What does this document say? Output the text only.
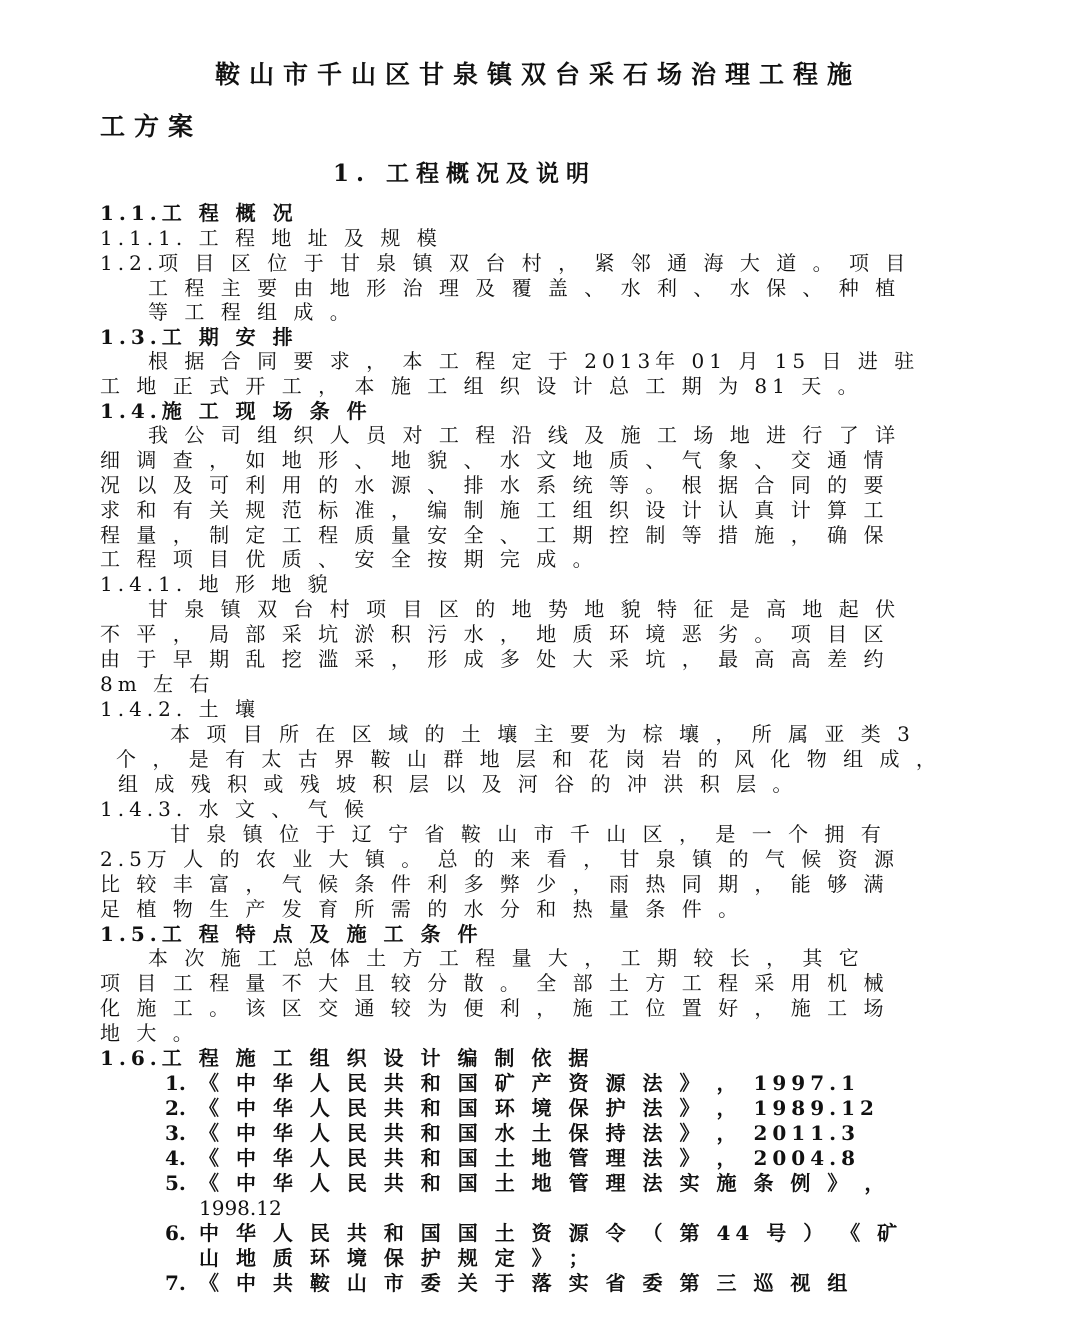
鞍山市千山区甘泉镇双台采石场治理工程施
工方案
1. 工程概况及说明
1.1.工 程 概 况
1.1.1. 工 程 地 址 及 规 模
1.2.项 目 区 位 于 甘 泉 镇 双 台 村 ， 紧 邻 通 海 大 道 。 项 目
工 程 主 要 由 地 形 治 理 及 覆 盖 、 水 利 、 水 保 、 种 植
等 工 程 组 成 。
1.3.工 期 安 排
根 据 合 同 要 求 ， 本 工 程 定 于 2013年 01 月 15 日 进 驻
工 地 正 式 开 工 ， 本 施 工 组 织 设 计 总 工 期 为 81 天 。
1.4.施 工 现 场 条 件
我 公 司 组 织 人 员 对 工 程 沿 线 及 施 工 场 地 进 行 了 详
细 调 查 ， 如 地 形 、 地 貌 、 水 文 地 质 、 气 象 、 交 通 情
况 以 及 可 利 用 的 水 源 、 排 水 系 统 等 。 根 据 合 同 的 要
求 和 有 关 规 范 标 准 ， 编 制 施 工 组 织 设 计 认 真 计 算 工
程 量 ， 制 定 工 程 质 量 安 全 、 工 期 控 制 等 措 施 ， 确 保
工 程 项 目 优 质 、 安 全 按 期 完 成 。
1.4.1. 地 形 地 貌
甘 泉 镇 双 台 村 项 目 区 的 地 势 地 貌 特 征 是 高 地 起 伏
不 平 ， 局 部 采 坑 淤 积 污 水 ， 地 质 环 境 恶 劣 。 项 目 区
由 于 早 期 乱 挖 滥 采 ， 形 成 多 处 大 采 坑 ， 最 高 高 差 约
8m 左 右
1.4.2. 土 壤
本 项 目 所 在 区 域 的 土 壤 主 要 为 棕 壤 ， 所 属 亚 类 3
个 ， 是 有 太 古 界 鞍 山 群 地 层 和 花 岗 岩 的 风 化 物 组 成 ，
组 成 残 积 或 残 坡 积 层 以 及 河 谷 的 冲 洪 积 层 。
1.4.3. 水 文 、 气 候
甘 泉 镇 位 于 辽 宁 省 鞍 山 市 千 山 区 ， 是 一 个 拥 有
2.5万 人 的 农 业 大 镇 。 总 的 来 看 ， 甘 泉 镇 的 气 候 资 源
比 较 丰 富 ， 气 候 条 件 利 多 弊 少 ， 雨 热 同 期 ， 能 够 满
足 植 物 生 产 发 育 所 需 的 水 分 和 热 量 条 件 。
1.5.工 程 特 点 及 施 工 条 件
本 次 施 工 总 体 土 方 工 程 量 大 ， 工 期 较 长 ， 其 它
项 目 工 程 量 不 大 且 较 分 散 。 全 部 土 方 工 程 采 用 机 械
化 施 工 。 该 区 交 通 较 为 便 利 ， 施 工 位 置 好 ， 施 工 场
地 大 。
1.6.工 程 施 工 组 织 设 计 编 制 依 据
1. 《 中 华 人 民 共 和 国 矿 产 资 源 法 》 ， 1997.1
2. 《 中 华 人 民 共 和 国 环 境 保 护 法 》 ， 1989.12
3. 《 中 华 人 民 共 和 国 水 土 保 持 法 》 ， 2011.3
4. 《 中 华 人 民 共 和 国 土 地 管 理 法 》 ， 2004.8
5. 《 中 华 人 民 共 和 国 土 地 管 理 法 实 施 条 例 》 ，
1998.12
6. 中 华 人 民 共 和 国 国 土 资 源 令 （ 第 44 号 ） 《 矿
山 地 质 环 境 保 护 规 定 》 ；
7. 《 中 共 鞍 山 市 委 关 于 落 实 省 委 第 三 巡 视 组
